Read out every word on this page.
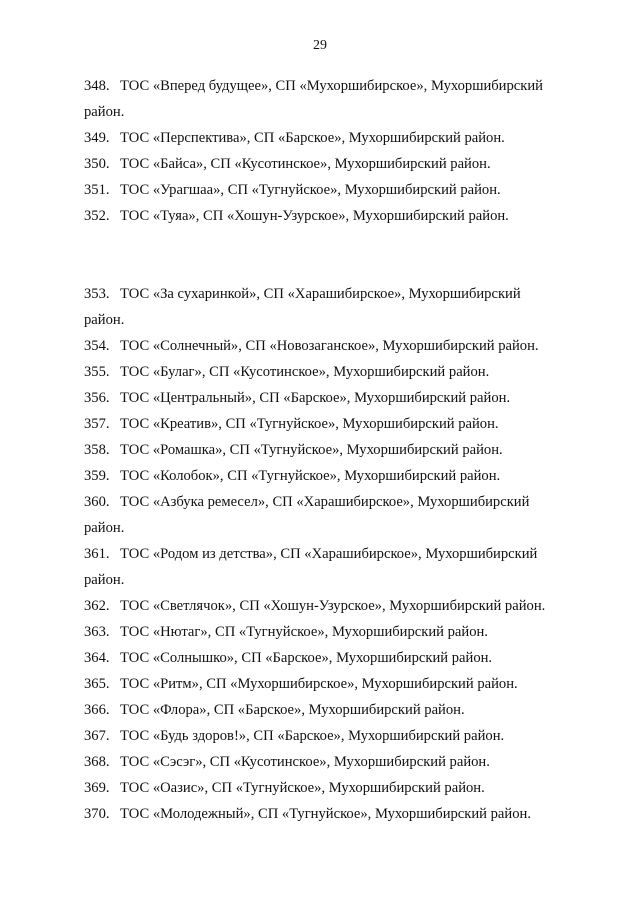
29
348. ТОС «Вперед будущее», СП «Мухоршибирское», Мухоршибирский
район.
349. ТОС «Перспектива», СП «Барское», Мухоршибирский район.
350. ТОС «Байса», СП «Кусотинское», Мухоршибирский район.
351. ТОС «Урагшаа», СП «Тугнуйское», Мухоршибирский район.
352. ТОС «Туяа», СП «Хошун-Узурское», Мухоршибирский район.
353. ТОС «За сухаринкой», СП «Харашибирское», Мухоршибирский
район.
354. ТОС «Солнечный», СП «Новозаганское», Мухоршибирский район.
355. ТОС «Булаг», СП «Кусотинское», Мухоршибирский район.
356. ТОС «Центральный», СП «Барское», Мухоршибирский район.
357. ТОС «Креатив», СП «Тугнуйское», Мухоршибирский район.
358. ТОС «Ромашка», СП «Тугнуйское», Мухоршибирский район.
359. ТОС «Колобок», СП «Тугнуйское», Мухоршибирский район.
360. ТОС «Азбука ремесел», СП «Харашибирское», Мухоршибирский
район.
361. ТОС «Родом из детства», СП «Харашибирское», Мухоршибирский
район.
362. ТОС «Светлячок», СП «Хошун-Узурское», Мухоршибирский район.
363. ТОС «Нютаг», СП «Тугнуйское», Мухоршибирский район.
364. ТОС «Солнышко», СП «Барское», Мухоршибирский район.
365. ТОС «Ритм», СП «Мухоршибирское», Мухоршибирский район.
366. ТОС «Флора», СП «Барское», Мухоршибирский район.
367. ТОС «Будь здоров!», СП «Барское», Мухоршибирский район.
368. ТОС «Сэсэг», СП «Кусотинское», Мухоршибирский район.
369. ТОС «Оазис», СП «Тугнуйское», Мухоршибирский район.
370. ТОС «Молодежный», СП «Тугнуйское», Мухоршибирский район.
